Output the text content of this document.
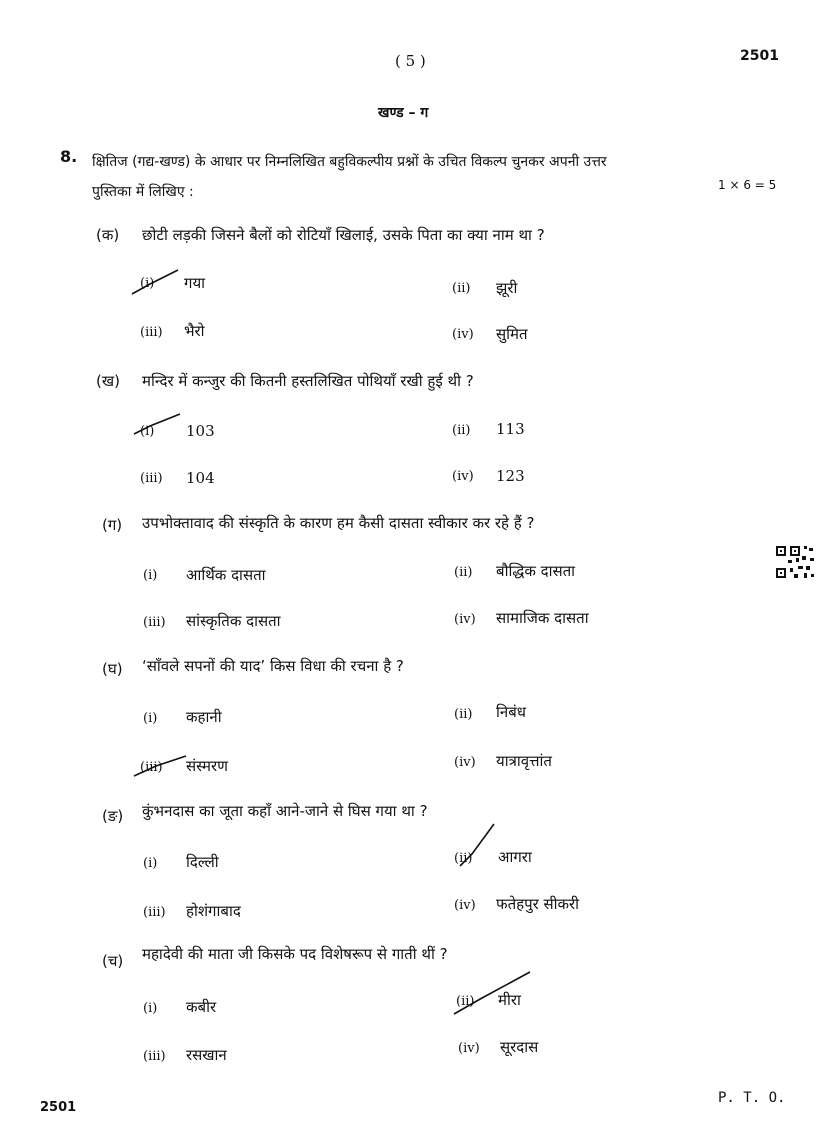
( 5 )	2501
खण्ड – ग
8. क्षितिज (गद्य-खण्ड) के आधार पर निम्नलिखित बहुविकल्पीय प्रश्नों के उचित विकल्प चुनकर अपनी उत्तर
पुस्तिका में लिखिए :	1 × 6 = 5
(क) छोटी लड़की जिसने बैलों को रोटियाँ खिलाई, उसके पिता का क्या नाम था ?
(i) गया	(ii) झूरी
(iii) भैरो	(iv) सुमित
(ख) मन्दिर में कन्जुर की कितनी हस्तलिखित पोथियाँ रखी हुई थी ?
(i) 103	(ii) 113
(iii) 104	(iv) 123
(ग) उपभोक्तावाद की संस्कृति के कारण हम कैसी दासता स्वीकार कर रहे हैं ?
(i) आर्थिक दासता	(ii) बौद्धिक दासता
(iii) सांस्कृतिक दासता	(iv) सामाजिक दासता
(घ) ‘साँवले सपनों की याद’ किस विधा की रचना है ?
(i) कहानी	(ii) निबंध
(iii) संस्मरण	(iv) यात्रावृत्तांत
(ङ) कुंभनदास का जूता कहाँ आने-जाने से घिस गया था ?
(i) दिल्ली	(ii) आगरा
(iii) होशंगाबाद	(iv) फतेहपुर सीकरी
(च) महादेवी की माता जी किसके पद विशेषरूप से गाती थीं ?
(i) कबीर	(ii) मीरा
(iii) रसखान	(iv) सूरदास
2501
P. T. O.
